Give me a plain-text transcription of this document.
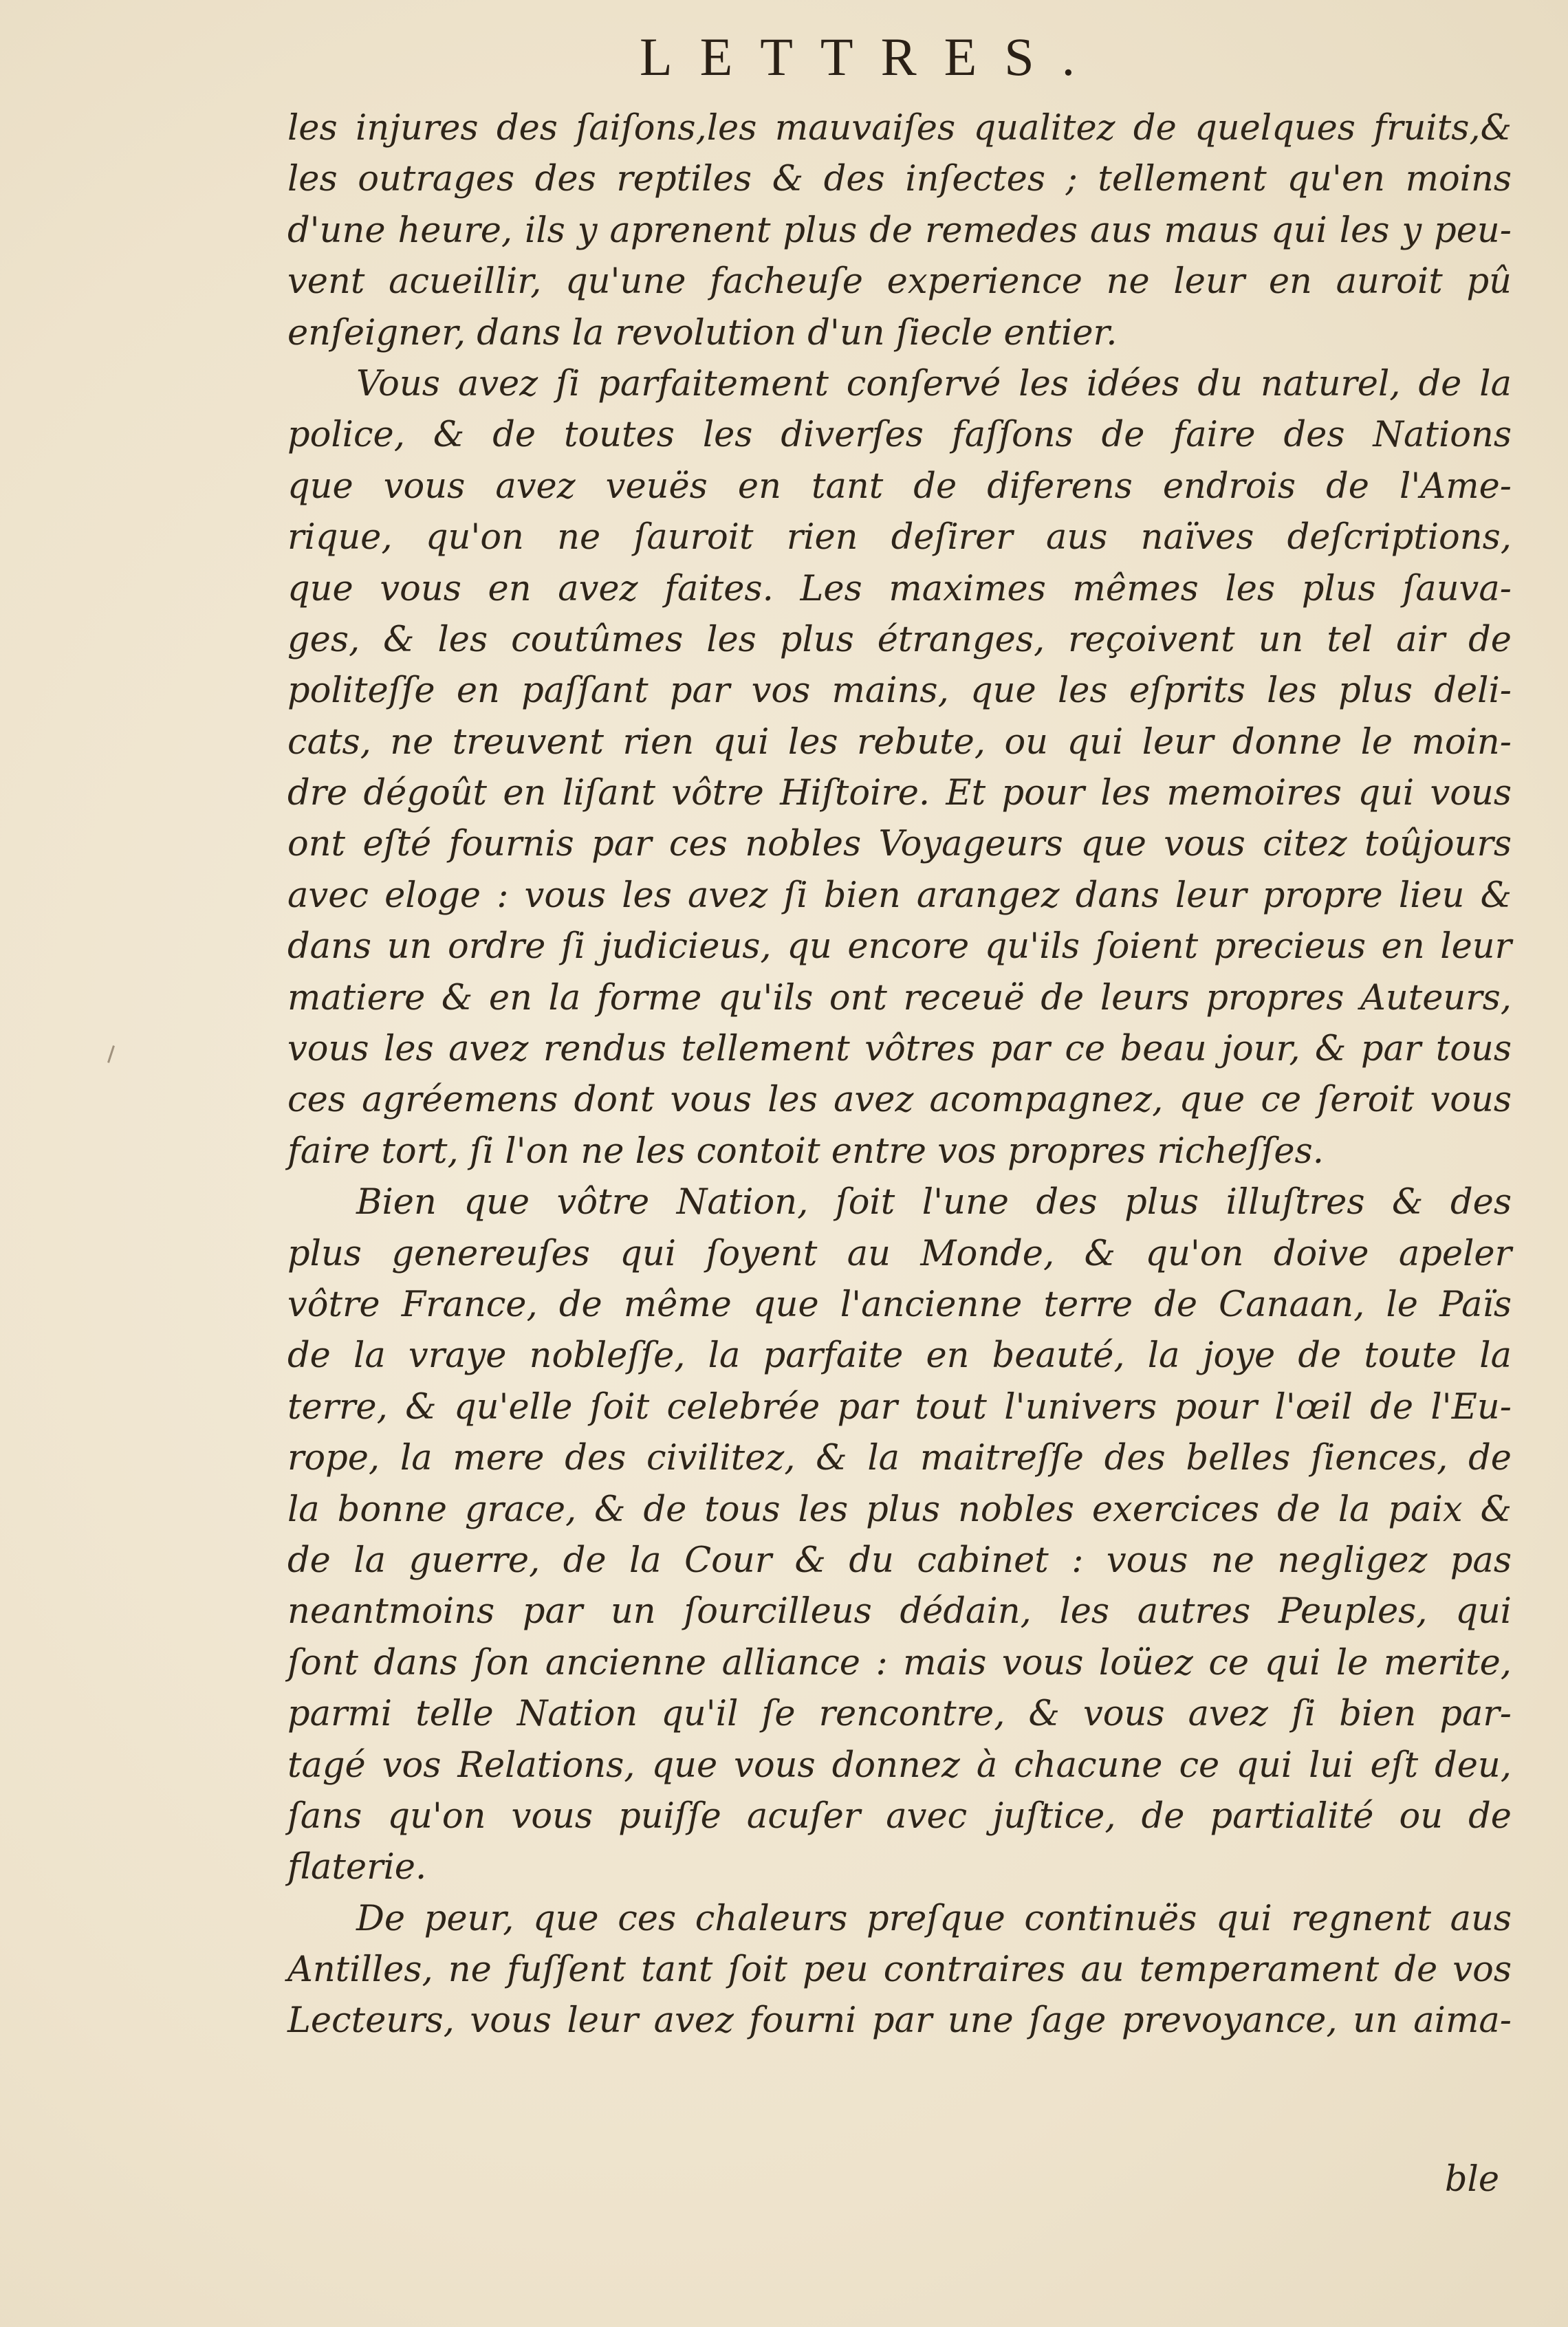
LETTRES.
les injures des ſaiſons,les mauvaiſes qualitez de quelques fruits,&
les outrages des reptiles & des inſectes ; tellement qu'en moins
d'une heure, ils y aprenent plus de remedes aus maus qui les y peu-
vent acueillir, qu'une facheuſe experience ne leur en auroit pû
enſeigner, dans la revolution d'un ſiecle entier.
Vous avez ſi parfaitement conſervé les idées du naturel, de la
police, & de toutes les diverſes faſſons de faire des Nations
que vous avez veuës en tant de diferens endrois de l'Ame-
rique, qu'on ne ſauroit rien deſirer aus naïves deſcriptions,
que vous en avez faites. Les maximes mêmes les plus ſauva-
ges, & les coutûmes les plus étranges, reçoivent un tel air de
politeſſe en paſſant par vos mains, que les eſprits les plus deli-
cats, ne treuvent rien qui les rebute, ou qui leur donne le moin-
dre dégoût en liſant vôtre Hiſtoire. Et pour les memoires qui vous
ont eſté fournis par ces nobles Voyageurs que vous citez toûjours
avec eloge : vous les avez ſi bien arangez dans leur propre lieu &
dans un ordre ſi judicieus, qu encore qu'ils ſoient precieus en leur
matiere & en la forme qu'ils ont receuë de leurs propres Auteurs,
vous les avez rendus tellement vôtres par ce beau jour, & par tous
ces agréemens dont vous les avez acompagnez, que ce ſeroit vous
faire tort, ſi l'on ne les contoit entre vos propres richeſſes.
Bien que vôtre Nation, ſoit l'une des plus illuſtres & des
plus genereuſes qui ſoyent au Monde, & qu'on doive apeler
vôtre France, de même que l'ancienne terre de Canaan, le Païs
de la vraye nobleſſe, la parfaite en beauté, la joye de toute la
terre, & qu'elle ſoit celebrée par tout l'univers pour l'œil de l'Eu-
rope, la mere des civilitez, & la maitreſſe des belles ſiences, de
la bonne grace, & de tous les plus nobles exercices de la paix &
de la guerre, de la Cour & du cabinet : vous ne negligez pas
neantmoins par un ſourcilleus dédain, les autres Peuples, qui
ſont dans ſon ancienne alliance : mais vous loüez ce qui le merite,
parmi telle Nation qu'il ſe rencontre, & vous avez ſi bien par-
tagé vos Relations, que vous donnez à chacune ce qui lui eſt deu,
ſans qu'on vous puiſſe acuſer avec juſtice, de partialité ou de
flaterie.
De peur, que ces chaleurs preſque continuës qui regnent aus
Antilles, ne fuſſent tant ſoit peu contraires au temperament de vos
Lecteurs, vous leur avez fourni par une ſage prevoyance, un aima-
ble
